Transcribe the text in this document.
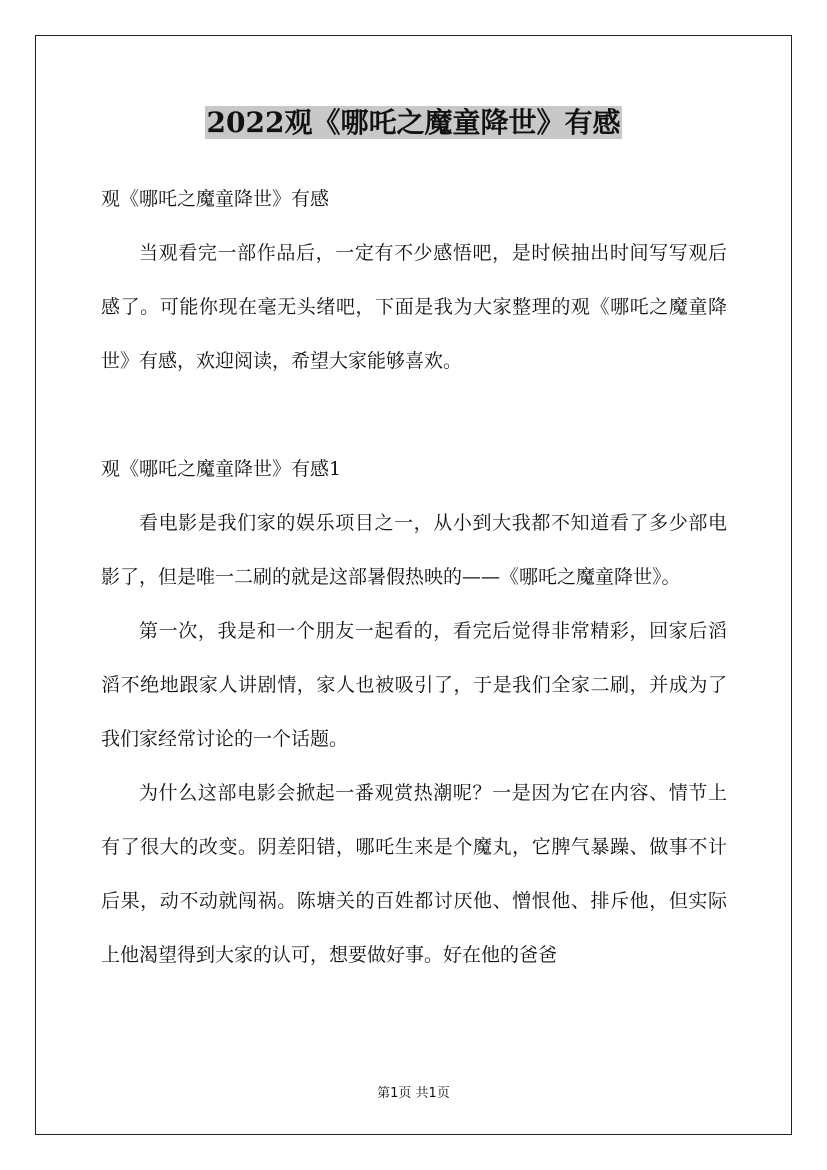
2022观《哪吒之魔童降世》有感

观《哪吒之魔童降世》有感

当观看完一部作品后，一定有不少感悟吧，是时候抽出时间写写观后感了。可能你现在毫无头绪吧，下面是我为大家整理的观《哪吒之魔童降世》有感，欢迎阅读，希望大家能够喜欢。

观《哪吒之魔童降世》有感1

看电影是我们家的娱乐项目之一，从小到大我都不知道看了多少部电影了，但是唯一二刷的就是这部暑假热映的——《哪吒之魔童降世》。

第一次，我是和一个朋友一起看的，看完后觉得非常精彩，回家后滔滔不绝地跟家人讲剧情，家人也被吸引了，于是我们全家二刷，并成为了我们家经常讨论的一个话题。

为什么这部电影会掀起一番观赏热潮呢？一是因为它在内容、情节上有了很大的改变。阴差阳错，哪吒生来是个魔丸，它脾气暴躁、做事不计后果，动不动就闯祸。陈塘关的百姓都讨厌他、憎恨他、排斥他，但实际上他渴望得到大家的认可，想要做好事。好在他的爸爸

第1页 共1页
